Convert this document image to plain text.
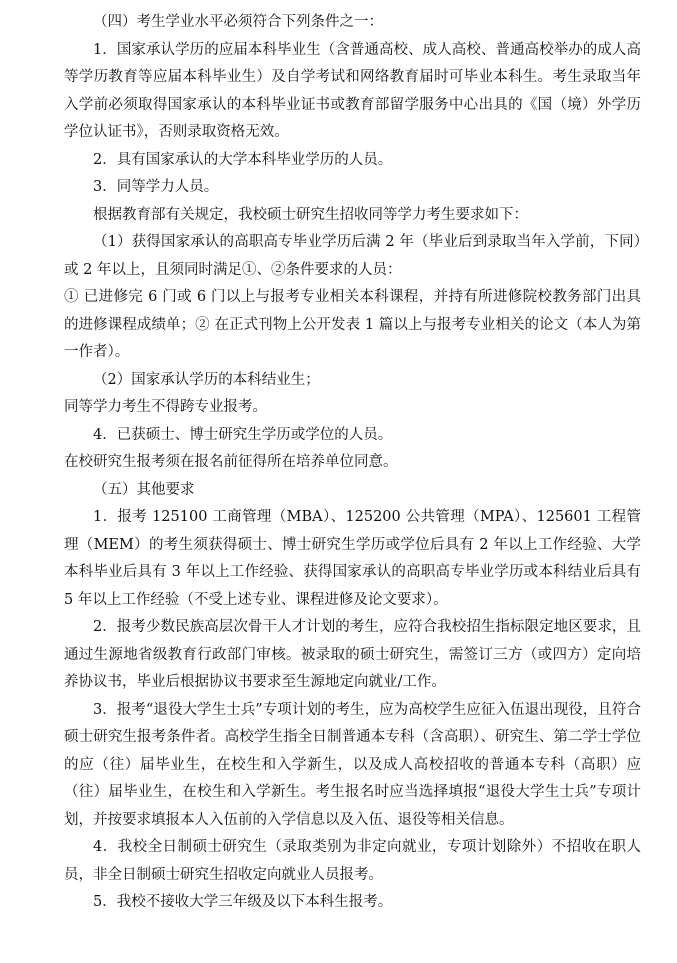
（四）考生学业水平必须符合下列条件之一：

1．国家承认学历的应届本科毕业生（含普通高校、成人高校、普通高校举办的成人高等学历教育等应届本科毕业生）及自学考试和网络教育届时可毕业本科生。考生录取当年入学前必须取得国家承认的本科毕业证书或教育部留学服务中心出具的《国（境）外学历学位认证书》，否则录取资格无效。

2．具有国家承认的大学本科毕业学历的人员。

3．同等学力人员。

根据教育部有关规定，我校硕士研究生招收同等学力考生要求如下：

（1）获得国家承认的高职高专毕业学历后满 2 年（毕业后到录取当年入学前，下同）或 2 年以上，且须同时满足①、②条件要求的人员：

① 已进修完 6 门或 6 门以上与报考专业相关本科课程，并持有所进修院校教务部门出具的进修课程成绩单；② 在正式刊物上公开发表 1 篇以上与报考专业相关的论文（本人为第一作者）。

（2）国家承认学历的本科结业生；

同等学力考生不得跨专业报考。

4．已获硕士、博士研究生学历或学位的人员。

在校研究生报考须在报名前征得所在培养单位同意。

（五）其他要求

1．报考 125100 工商管理（MBA）、125200 公共管理（MPA）、125601 工程管理（MEM）的考生须获得硕士、博士研究生学历或学位后具有 2 年以上工作经验、大学本科毕业后具有 3 年以上工作经验、获得国家承认的高职高专毕业学历或本科结业后具有 5 年以上工作经验（不受上述专业、课程进修及论文要求）。

2．报考少数民族高层次骨干人才计划的考生，应符合我校招生指标限定地区要求，且通过生源地省级教育行政部门审核。被录取的硕士研究生，需签订三方（或四方）定向培养协议书，毕业后根据协议书要求至生源地定向就业/工作。

3．报考“退役大学生士兵”专项计划的考生，应为高校学生应征入伍退出现役，且符合硕士研究生报考条件者。高校学生指全日制普通本专科（含高职）、研究生、第二学士学位的应（往）届毕业生，在校生和入学新生，以及成人高校招收的普通本专科（高职）应（往）届毕业生，在校生和入学新生。考生报名时应当选择填报“退役大学生士兵”专项计划，并按要求填报本人入伍前的入学信息以及入伍、退役等相关信息。

4．我校全日制硕士研究生（录取类别为非定向就业，专项计划除外）不招收在职人员，非全日制硕士研究生招收定向就业人员报考。

5．我校不接收大学三年级及以下本科生报考。
